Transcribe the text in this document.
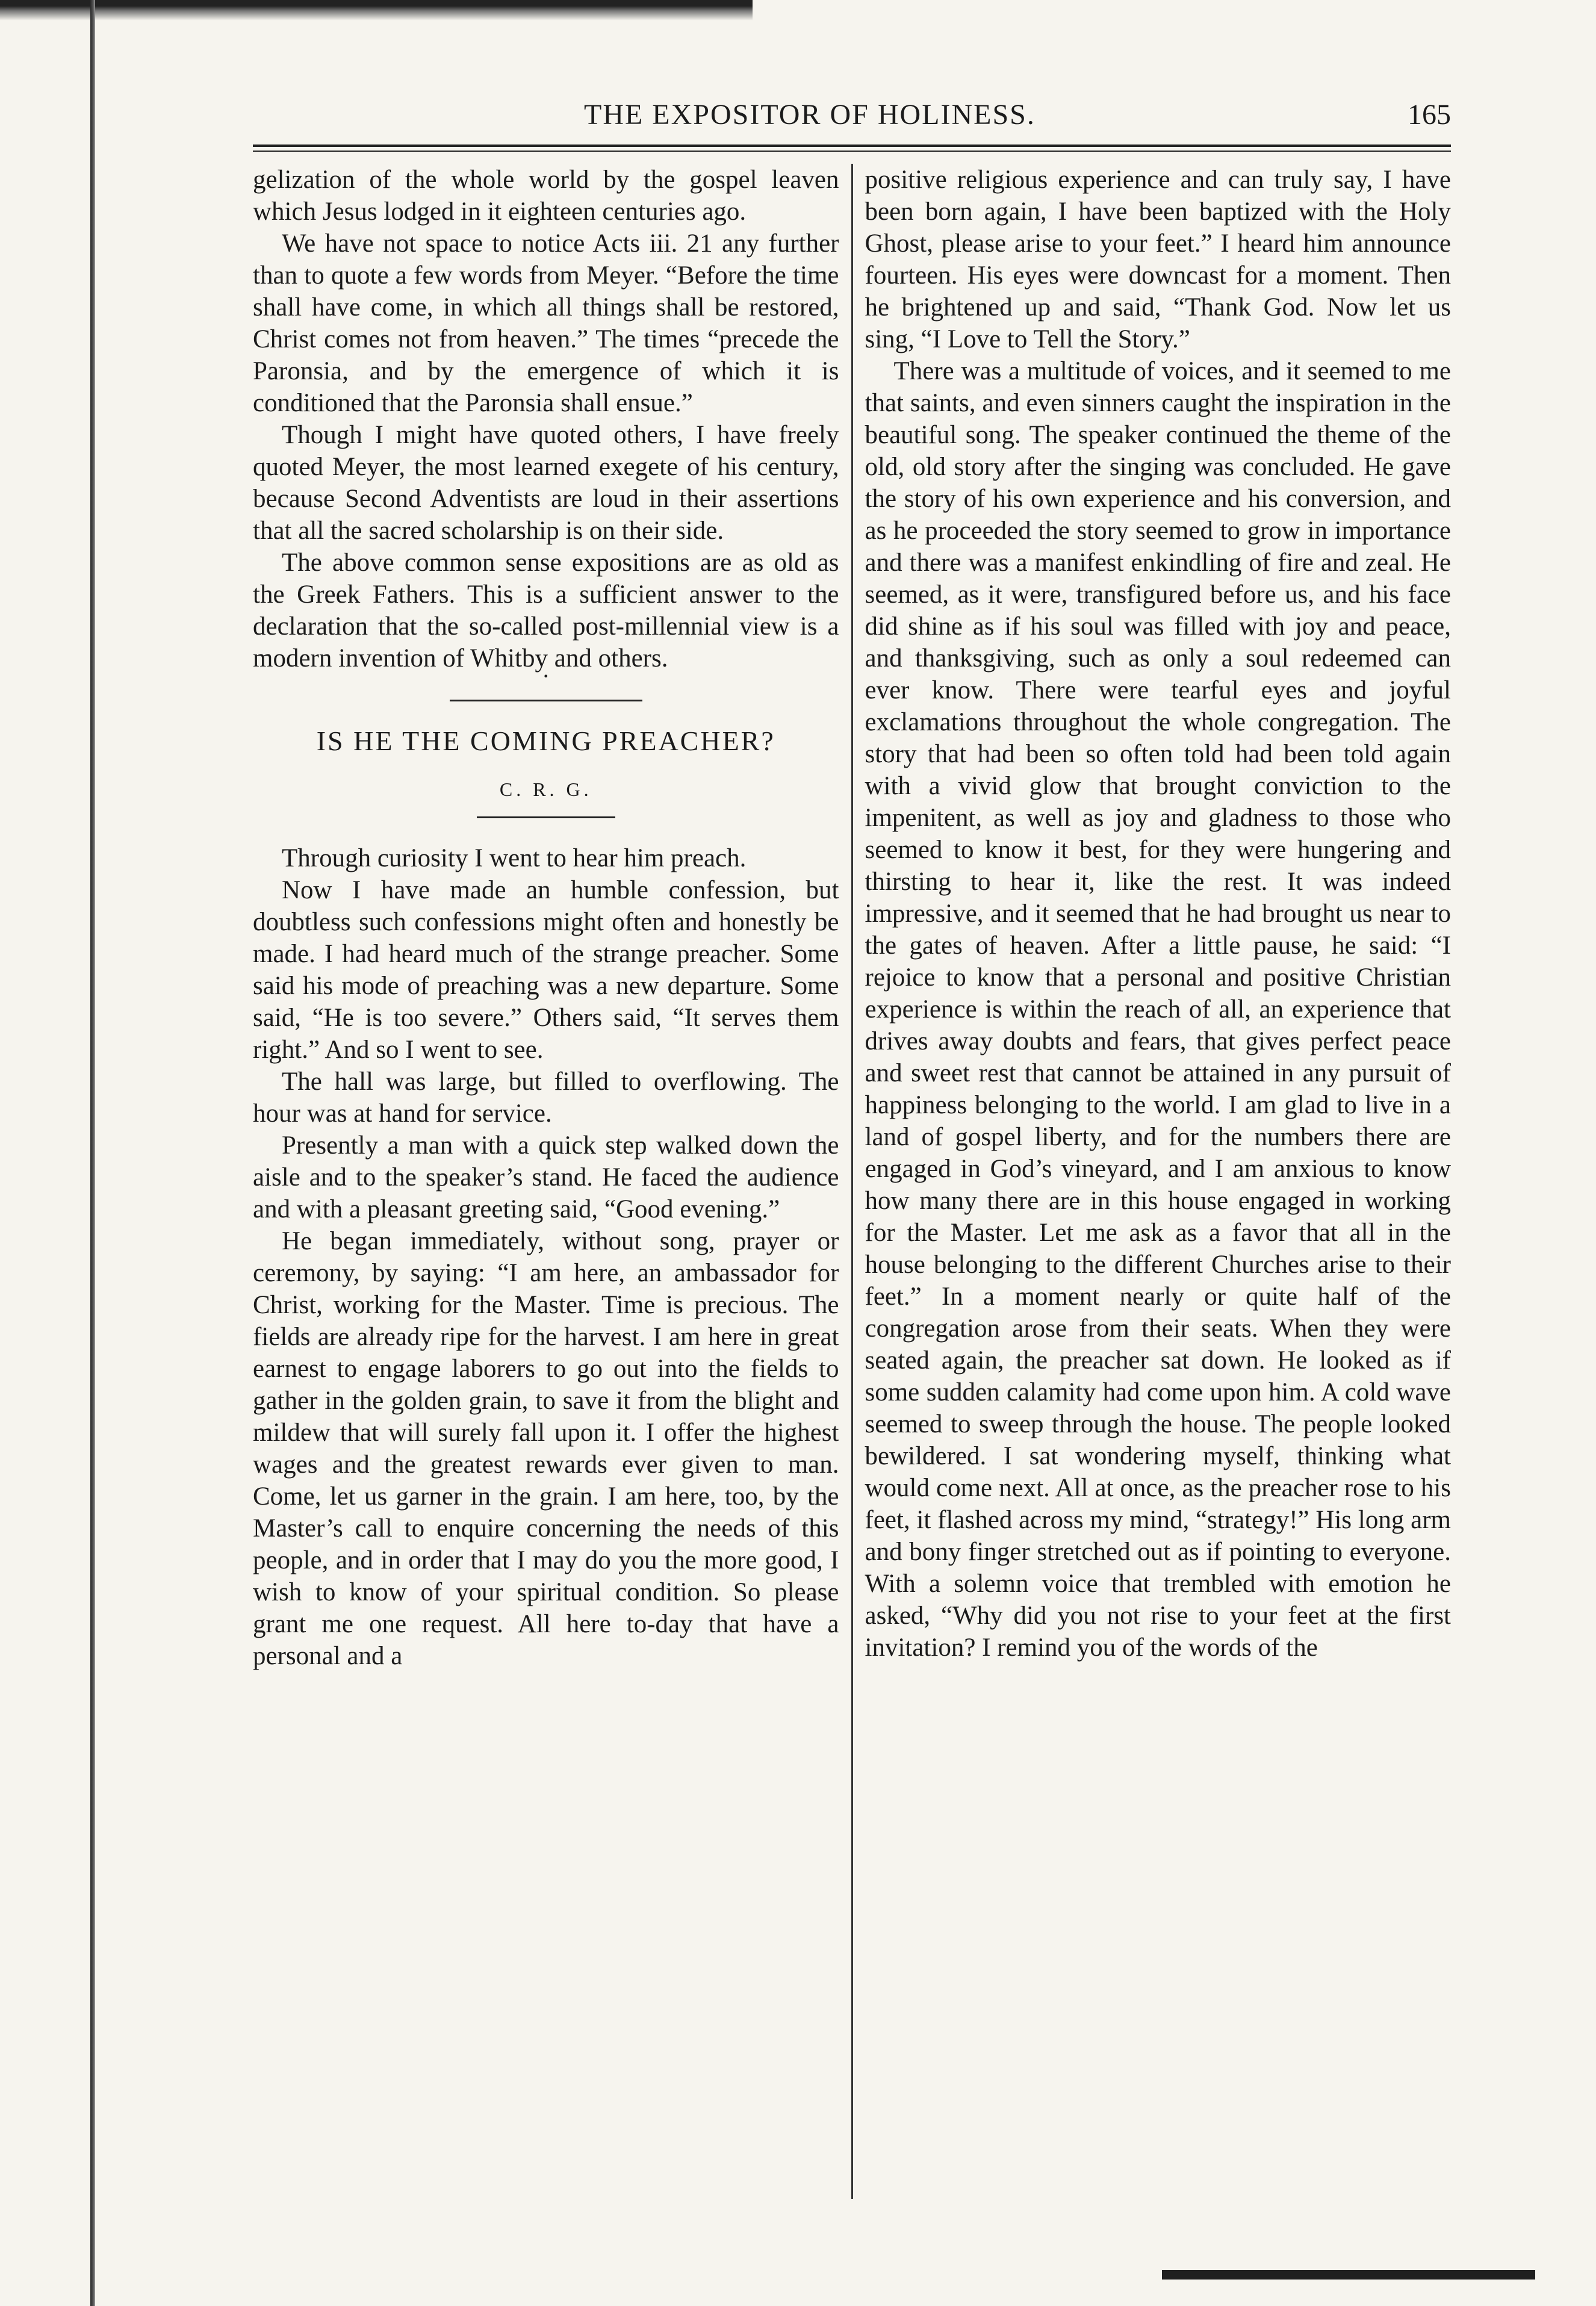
THE EXPOSITOR OF HOLINESS.	165

gelization of the whole world by the gospel leaven which Jesus lodged in it eighteen centuries ago.

We have not space to notice Acts iii. 21 any further than to quote a few words from Meyer. “Before the time shall have come, in which all things shall be restored, Christ comes not from heaven.” The times “precede the Paronsia, and by the emergence of which it is conditioned that the Paronsia shall ensue.”

Though I might have quoted others, I have freely quoted Meyer, the most learned exegete of his century, because Second Adventists are loud in their assertions that all the sacred scholarship is on their side.

The above common sense expositions are as old as the Greek Fathers. This is a sufficient answer to the declaration that the so-called post-millennial view is a modern invention of Whitby and others.

•
IS HE THE COMING PREACHER?
C. R. G.

Through curiosity I went to hear him preach.

Now I have made an humble confession, but doubtless such confessions might often and honestly be made. I had heard much of the strange preacher. Some said his mode of preaching was a new departure. Some said, “He is too severe.” Others said, “It serves them right.” And so I went to see.

The hall was large, but filled to overflowing. The hour was at hand for service.

Presently a man with a quick step walked down the aisle and to the speaker’s stand. He faced the audience and with a pleasant greeting said, “Good evening.”

He began immediately, without song, prayer or ceremony, by saying: “I am here, an ambassador for Christ, working for the Master. Time is precious. The fields are already ripe for the harvest. I am here in great earnest to engage laborers to go out into the fields to gather in the golden grain, to save it from the blight and mildew that will surely fall upon it. I offer the highest wages and the greatest rewards ever given to man. Come, let us garner in the grain. I am here, too, by the Master’s call to enquire concerning the needs of this people, and in order that I may do you the more good, I wish to know of your spiritual condition. So please grant me one request. All here to-day that have a personal and a

positive religious experience and can truly say, I have been born again, I have been baptized with the Holy Ghost, please arise to your feet.” I heard him announce fourteen. His eyes were downcast for a moment. Then he brightened up and said, “Thank God. Now let us sing, “I Love to Tell the Story.”

There was a multitude of voices, and it seemed to me that saints, and even sinners caught the inspiration in the beautiful song. The speaker continued the theme of the old, old story after the singing was concluded. He gave the story of his own experience and his conversion, and as he proceeded the story seemed to grow in importance and there was a manifest enkindling of fire and zeal. He seemed, as it were, transfigured before us, and his face did shine as if his soul was filled with joy and peace, and thanksgiving, such as only a soul redeemed can ever know. There were tearful eyes and joyful exclamations throughout the whole congregation. The story that had been so often told had been told again with a vivid glow that brought conviction to the impenitent, as well as joy and gladness to those who seemed to know it best, for they were hungering and thirsting to hear it, like the rest. It was indeed impressive, and it seemed that he had brought us near to the gates of heaven. After a little pause, he said: “I rejoice to know that a personal and positive Christian experience is within the reach of all, an experience that drives away doubts and fears, that gives perfect peace and sweet rest that cannot be attained in any pursuit of happiness belonging to the world. I am glad to live in a land of gospel liberty, and for the numbers there are engaged in God’s vineyard, and I am anxious to know how many there are in this house engaged in working for the Master. Let me ask as a favor that all in the house belonging to the different Churches arise to their feet.” In a moment nearly or quite half of the congregation arose from their seats. When they were seated again, the preacher sat down. He looked as if some sudden calamity had come upon him. A cold wave seemed to sweep through the house. The people looked bewildered. I sat wondering myself, thinking what would come next. All at once, as the preacher rose to his feet, it flashed across my mind, “strategy!” His long arm and bony finger stretched out as if pointing to everyone. With a solemn voice that trembled with emotion he asked, “Why did you not rise to your feet at the first invitation? I remind you of the words of the
